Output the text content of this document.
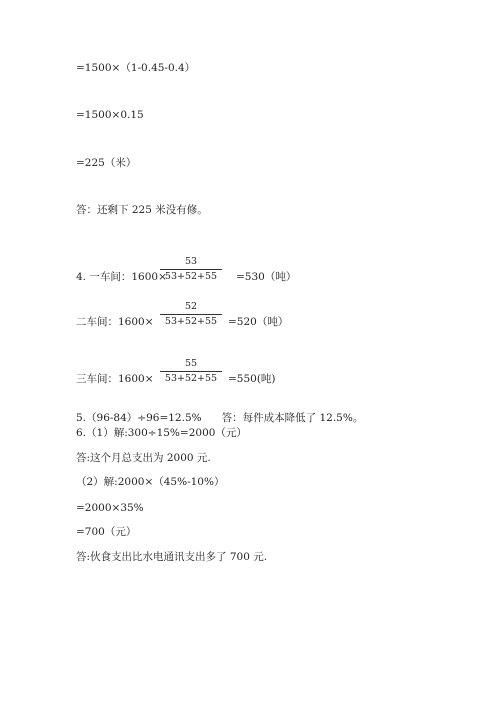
=1500×（1-0.45-0.4）
=1500×0.15
=225（米）
答：还剩下 225 米没有修。
4. 一车间：1600×
53
53+52+55	=530（吨）
二车间：1600×
52
53+52+55	=520（吨）
三车间：1600×
55
53+52+55	=550(吨)
5.（96-84）÷96=12.5%      答：每件成本降低了 12.5%。
6.（1）解:300÷15%=2000（元）
答:这个月总支出为 2000 元.
（2）解:2000×（45%-10%）
=2000×35%
=700（元）
答:伙食支出比水电通讯支出多了 700 元.
